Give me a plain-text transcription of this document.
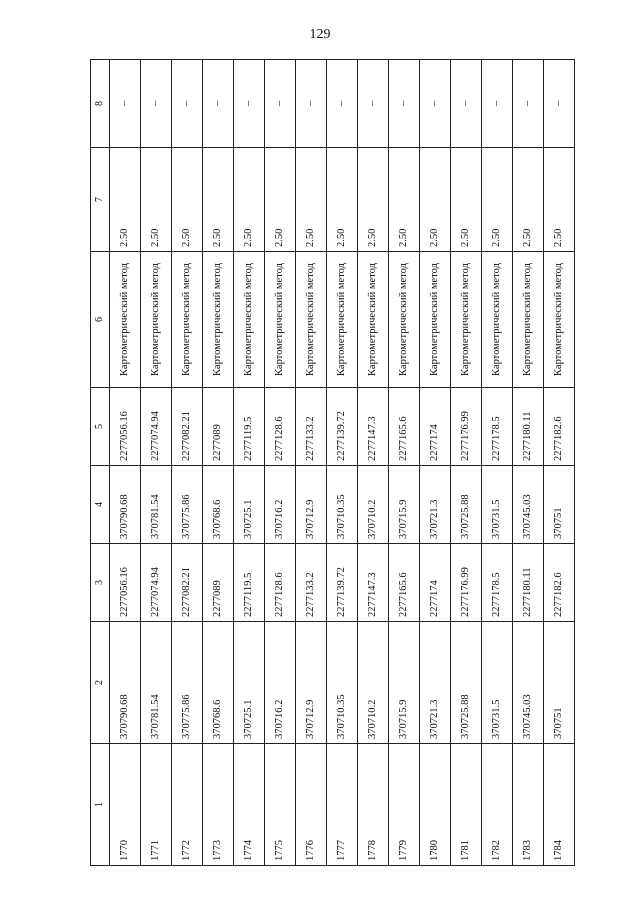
129
1	2	3	4	5	6	7	8
1770	370790.68	2277056.16	370790.68	2277056.16	Картометрический метод	2.50	–
1771	370781.54	2277074.94	370781.54	2277074.94	Картометрический метод	2.50	–
1772	370775.86	2277082.21	370775.86	2277082.21	Картометрический метод	2.50	–
1773	370768.6	2277089	370768.6	2277089	Картометрический метод	2.50	–
1774	370725.1	2277119.5	370725.1	2277119.5	Картометрический метод	2.50	–
1775	370716.2	2277128.6	370716.2	2277128.6	Картометрический метод	2.50	–
1776	370712.9	2277133.2	370712.9	2277133.2	Картометрический метод	2.50	–
1777	370710.35	2277139.72	370710.35	2277139.72	Картометрический метод	2.50	–
1778	370710.2	2277147.3	370710.2	2277147.3	Картометрический метод	2.50	–
1779	370715.9	2277165.6	370715.9	2277165.6	Картометрический метод	2.50	–
1780	370721.3	2277174	370721.3	2277174	Картометрический метод	2.50	–
1781	370725.88	2277176.99	370725.88	2277176.99	Картометрический метод	2.50	–
1782	370731.5	2277178.5	370731.5	2277178.5	Картометрический метод	2.50	–
1783	370745.03	2277180.11	370745.03	2277180.11	Картометрический метод	2.50	–
1784	370751	2277182.6	370751	2277182.6	Картометрический метод	2.50	–
